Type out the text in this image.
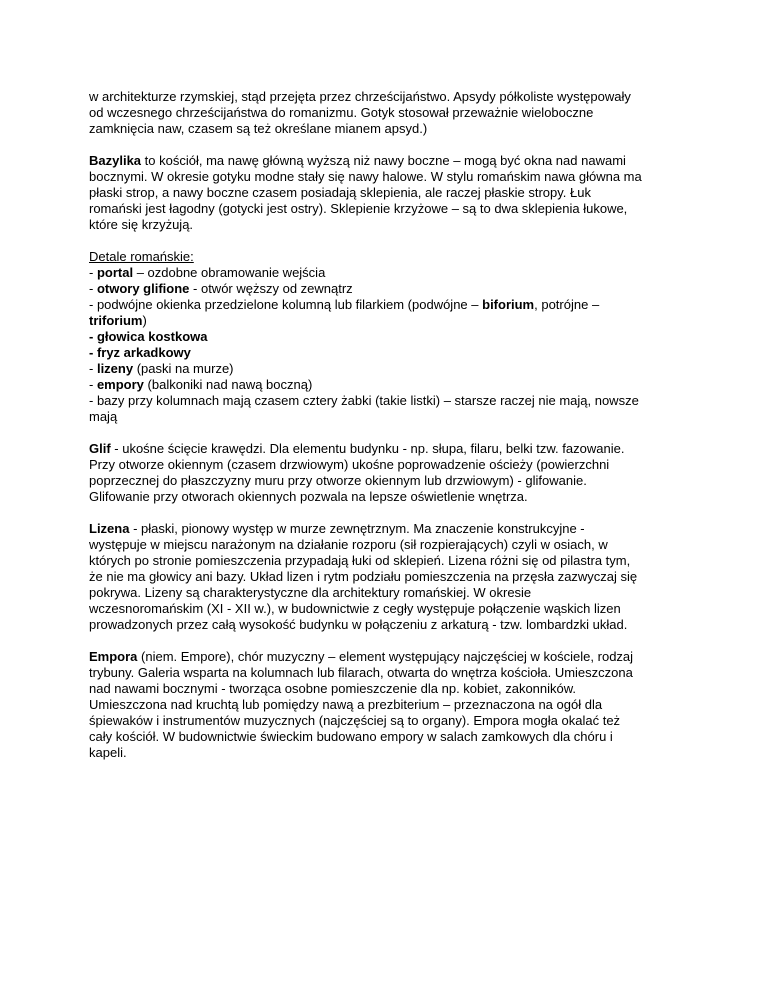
w architekturze rzymskiej, stąd przejęta przez chrześcijaństwo. Apsydy półkoliste występowały
od wczesnego chrześcijaństwa do romanizmu. Gotyk stosował przeważnie wieloboczne
zamknięcia naw, czasem są też określane mianem apsyd.)
Bazylika to kościół, ma nawę główną wyższą niż nawy boczne – mogą być okna nad nawami
bocznymi. W okresie gotyku modne stały się nawy halowe. W stylu romańskim nawa główna ma
płaski strop, a nawy boczne czasem posiadają sklepienia, ale raczej płaskie stropy. Łuk
romański jest łagodny (gotycki jest ostry). Sklepienie krzyżowe – są to dwa sklepienia łukowe,
które się krzyżują.
Detale romańskie:
- portal – ozdobne obramowanie wejścia
- otwory glifione - otwór węższy od zewnątrz
- podwójne okienka przedzielone kolumną lub filarkiem (podwójne – biforium, potrójne –
triforium)
- głowica kostkowa
- fryz arkadkowy
- lizeny (paski na murze)
- empory (balkoniki nad nawą boczną)
- bazy przy kolumnach mają czasem cztery żabki (takie listki) – starsze raczej nie mają, nowsze
mają
Glif - ukośne ścięcie krawędzi. Dla elementu budynku - np. słupa, filaru, belki tzw. fazowanie.
Przy otworze okiennym (czasem drzwiowym) ukośne poprowadzenie ościeży (powierzchni
poprzecznej do płaszczyzny muru przy otworze okiennym lub drzwiowym) - glifowanie.
Glifowanie przy otworach okiennych pozwala na lepsze oświetlenie wnętrza.
Lizena - płaski, pionowy występ w murze zewnętrznym. Ma znaczenie konstrukcyjne -
występuje w miejscu narażonym na działanie rozporu (sił rozpierających) czyli w osiach, w
których po stronie pomieszczenia przypadają łuki od sklepień. Lizena różni się od pilastra tym,
że nie ma głowicy ani bazy. Układ lizen i rytm podziału pomieszczenia na przęsła zazwyczaj się
pokrywa. Lizeny są charakterystyczne dla architektury romańskiej. W okresie
wczesnoromańskim (XI - XII w.), w budownictwie z cegły występuje połączenie wąskich lizen
prowadzonych przez całą wysokość budynku w połączeniu z arkaturą - tzw. lombardzki układ.
Empora (niem. Empore), chór muzyczny – element występujący najczęściej w kościele, rodzaj
trybuny. Galeria wsparta na kolumnach lub filarach, otwarta do wnętrza kościoła. Umieszczona
nad nawami bocznymi - tworząca osobne pomieszczenie dla np. kobiet, zakonników.
Umieszczona nad kruchtą lub pomiędzy nawą a prezbiterium – przeznaczona na ogół dla
śpiewaków i instrumentów muzycznych (najczęściej są to organy). Empora mogła okalać też
cały kościół. W budownictwie świeckim budowano empory w salach zamkowych dla chóru i
kapeli.
